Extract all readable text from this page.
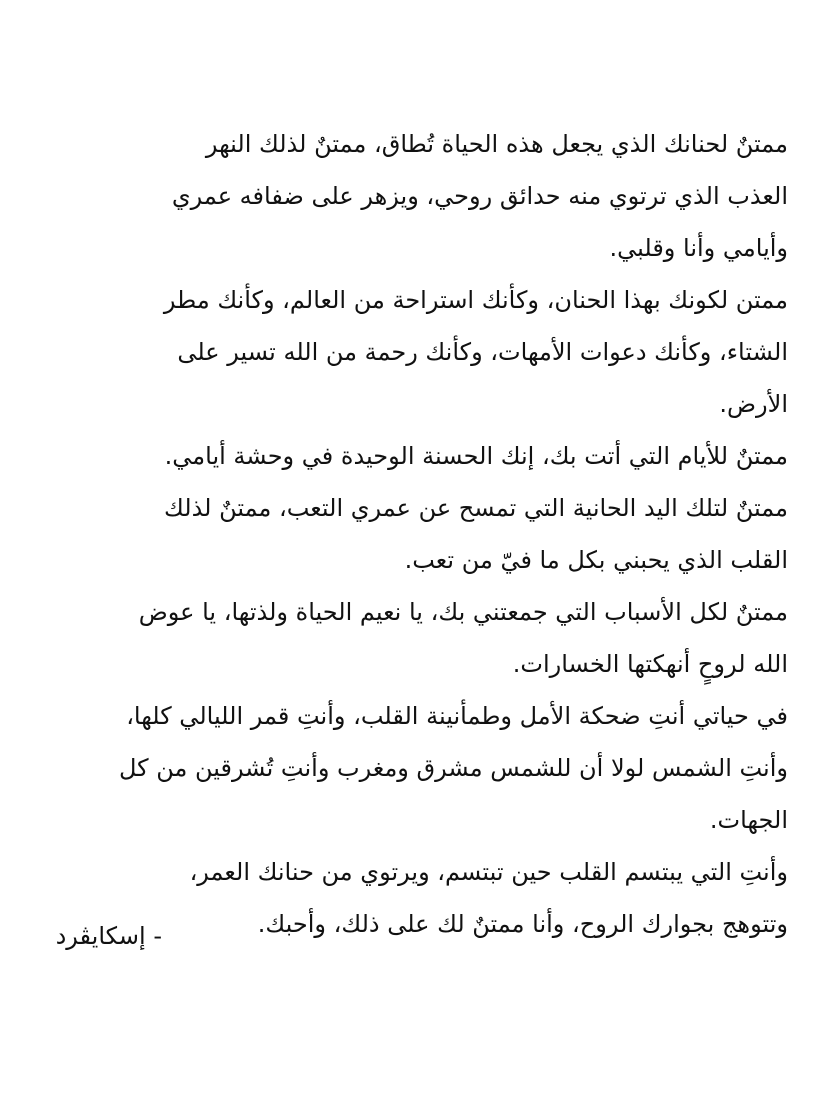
ممتنٌ لحنانك الذي يجعل هذه الحياة تُطاق، ممتنٌ لذلك النهر
العذب الذي ترتوي منه حدائق روحي، ويزهر على ضفافه عمري
وأيامي وأنا وقلبي.
ممتن لكونك بهذا الحنان، وكأنك استراحة من العالم، وكأنك مطر
الشتاء، وكأنك دعوات الأمهات، وكأنك رحمة من الله تسير على
الأرض.
ممتنٌ للأيام التي أتت بك، إنك الحسنة الوحيدة في وحشة أيامي.
ممتنٌ لتلك اليد الحانية التي تمسح عن عمري التعب، ممتنٌ لذلك
القلب الذي يحبني بكل ما فيّ من تعب.
ممتنٌ لكل الأسباب التي جمعتني بك، يا نعيم الحياة ولذتها، يا عوض
الله لروحٍ أنهكتها الخسارات.
في حياتي أنتِ ضحكة الأمل وطمأنينة القلب، وأنتِ قمر الليالي كلها،
وأنتِ الشمس لولا أن للشمس مشرق ومغرب وأنتِ تُشرقين من كل
الجهات.
وأنتِ التي يبتسم القلب حين تبتسم، ويرتوي من حنانك العمر،
وتتوهج بجوارك الروح، وأنا ممتنٌ لك على ذلك، وأحبك.
- إسكايڤرد
